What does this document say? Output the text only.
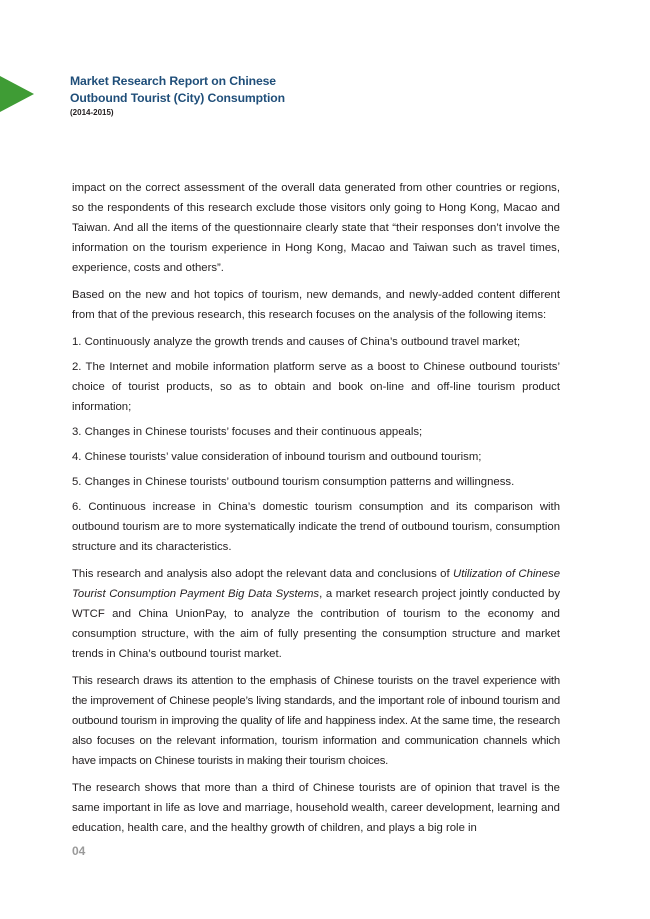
Market Research Report on Chinese
Outbound Tourist (City) Consumption
(2014-2015)

impact on the correct assessment of the overall data generated from other countries or regions, so the respondents of this research exclude those visitors only going to Hong Kong, Macao and Taiwan. And all the items of the questionnaire clearly state that “their responses don’t involve the information on the tourism experience in Hong Kong, Macao and Taiwan such as travel times, experience, costs and others”.

Based on the new and hot topics of tourism, new demands, and newly-added content different from that of the previous research, this research focuses on the analysis of the following items:

1. Continuously analyze the growth trends and causes of China’s outbound travel market;

2. The Internet and mobile information platform serve as a boost to Chinese outbound tourists’ choice of tourist products, so as to obtain and book on-line and off-line tourism product information;

3. Changes in Chinese tourists’ focuses and their continuous appeals;

4. Chinese tourists’ value consideration of inbound tourism and outbound tourism;

5. Changes in Chinese tourists’ outbound tourism consumption patterns and willingness.

6. Continuous increase in China’s domestic tourism consumption and its comparison with outbound tourism are to more systematically indicate the trend of outbound tourism, consumption structure and its characteristics.

This research and analysis also adopt the relevant data and conclusions of Utilization of Chinese Tourist Consumption Payment Big Data Systems, a market research project jointly conducted by WTCF and China UnionPay, to analyze the contribution of tourism to the economy and consumption structure, with the aim of fully presenting the consumption structure and market trends in China’s outbound tourist market.

This research draws its attention to the emphasis of Chinese tourists on the travel experience with the improvement of Chinese people’s living standards, and the important role of inbound tourism and outbound tourism in improving the quality of life and happiness index. At the same time, the research also focuses on the relevant information, tourism information and communication channels which have impacts on Chinese tourists in making their tourism choices.

The research shows that more than a third of Chinese tourists are of opinion that travel is the same important in life as love and marriage, household wealth, career development, learning and education, health care, and the healthy growth of children, and plays a big role in

04
